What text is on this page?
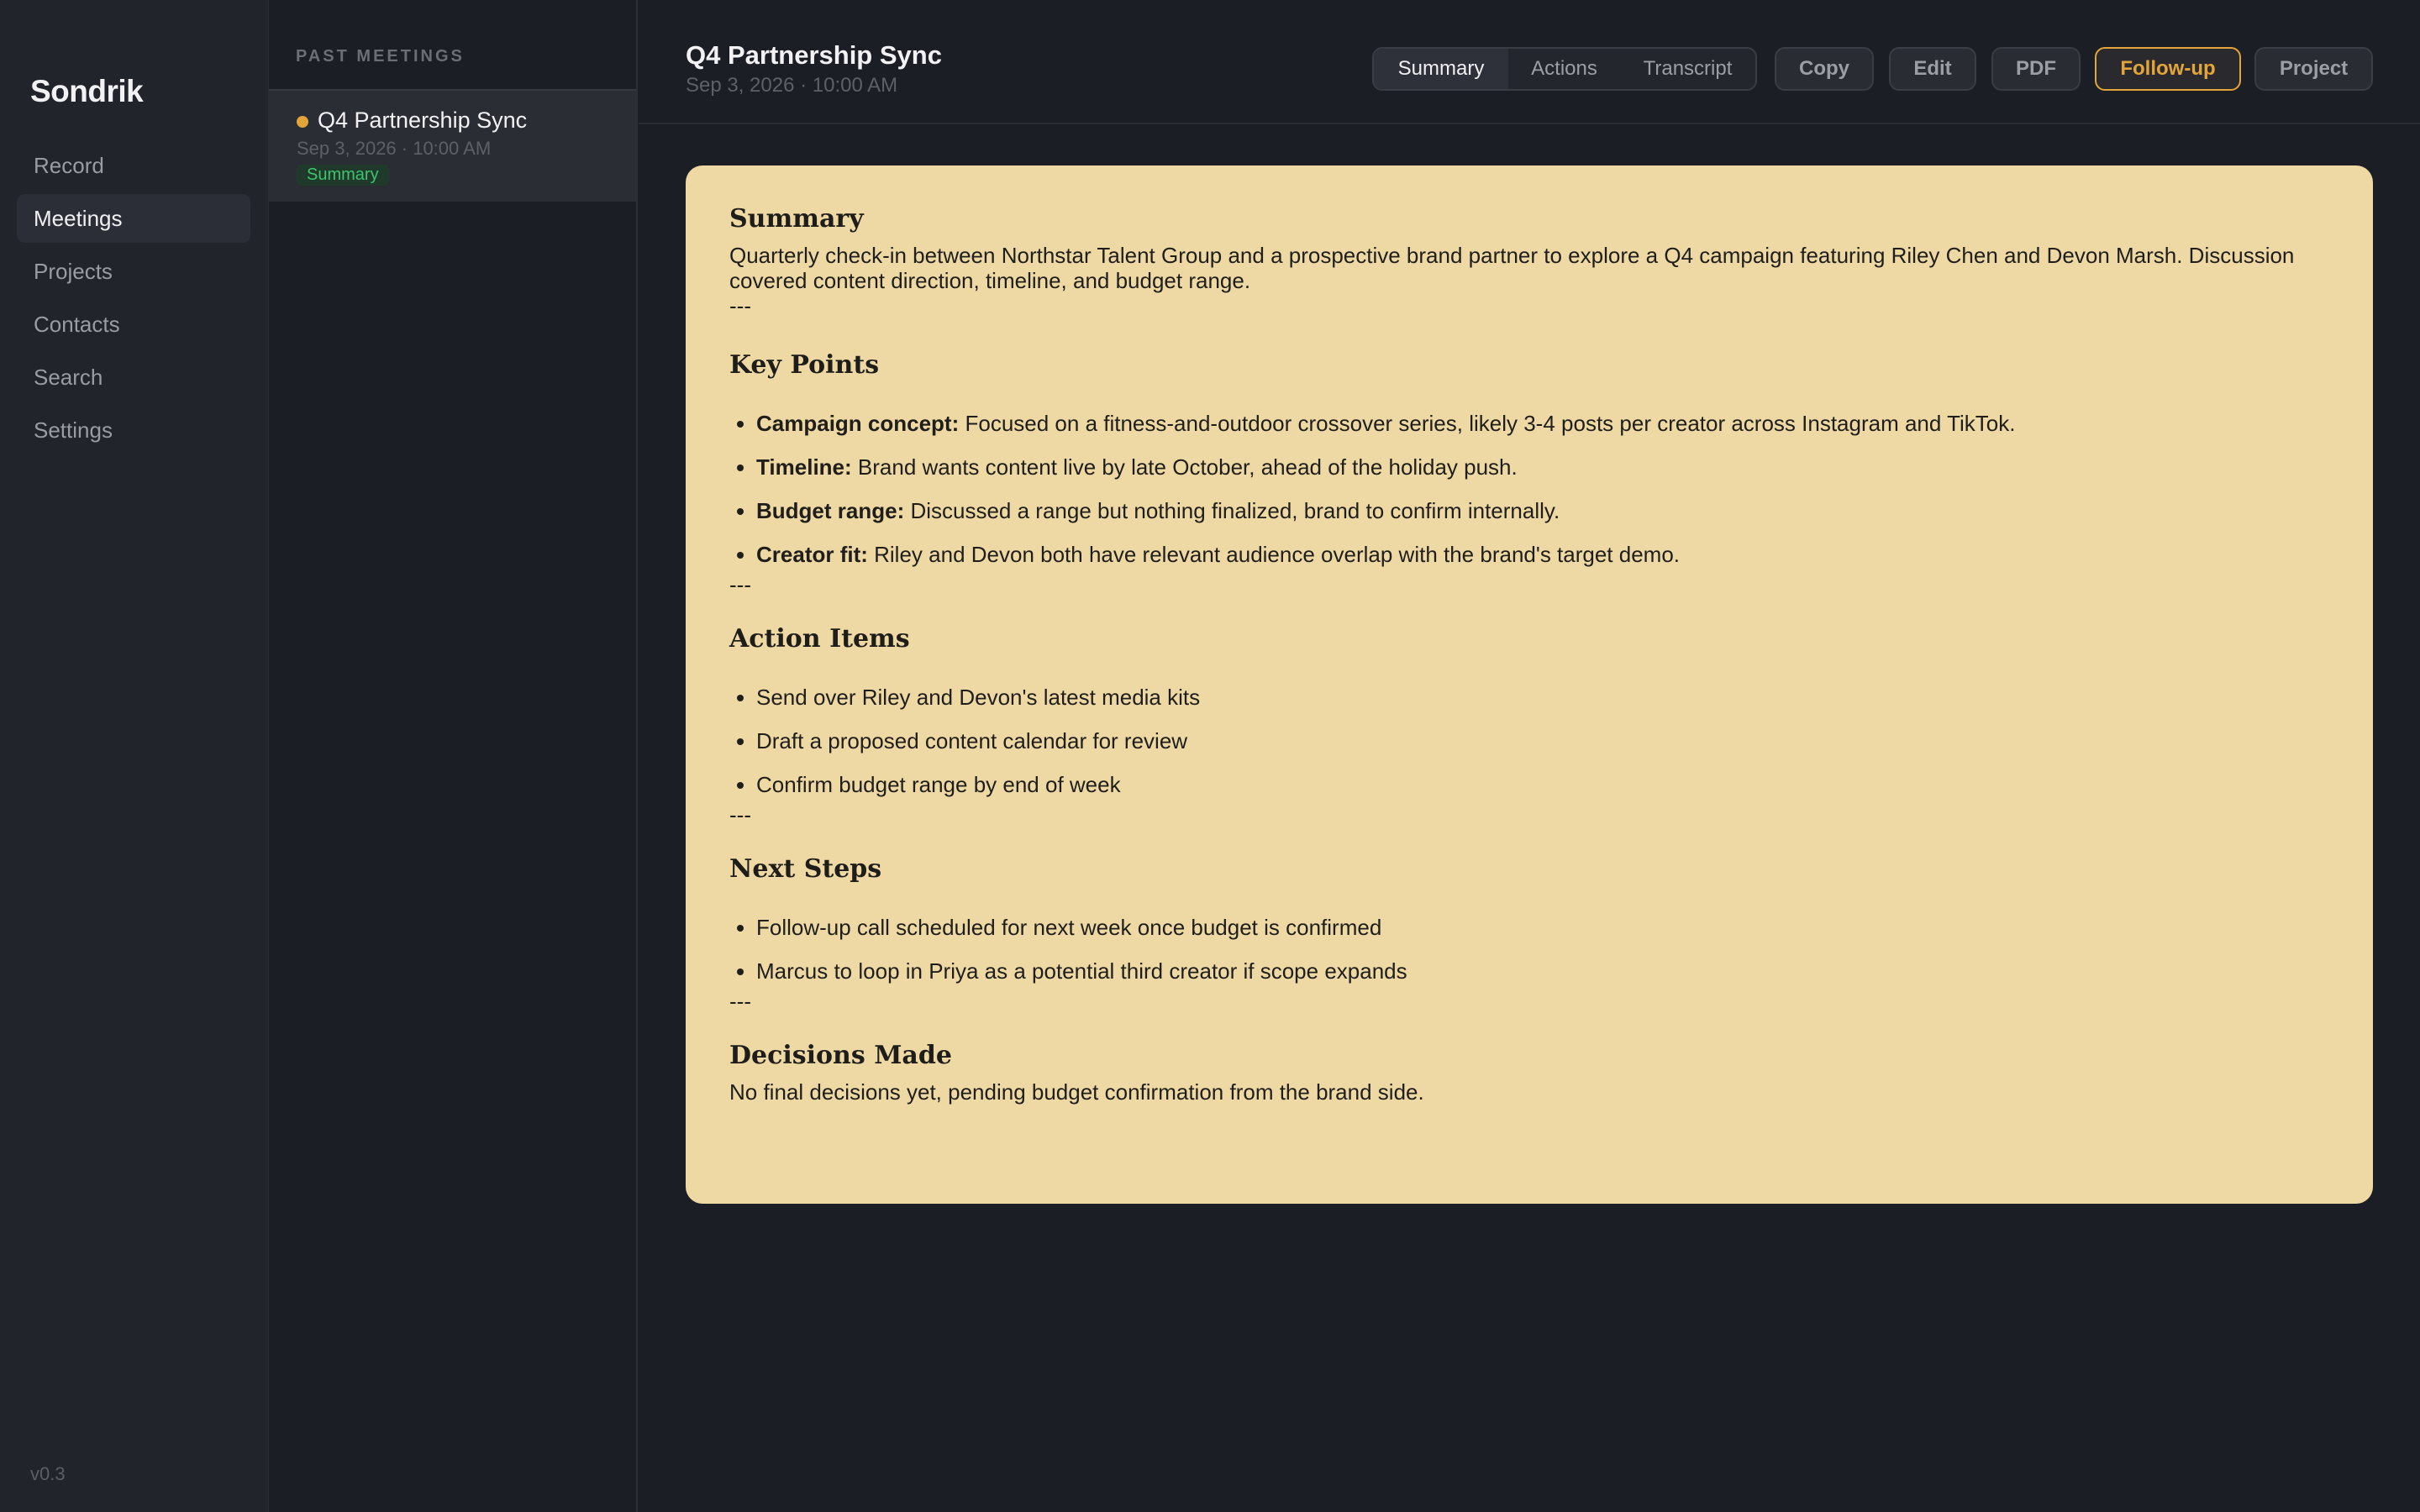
Sondrik
Record
Meetings
Projects
Contacts
Search
Settings
v0.3
PAST MEETINGS
Q4 Partnership Sync
Sep 3, 2026 · 10:00 AM
Summary
Q4 Partnership Sync
Sep 3, 2026 · 10:00 AM
Summary	Actions	Transcript	Copy	Edit	PDF	Follow-up	Project
Summary

Quarterly check-in between Northstar Talent Group and a prospective brand partner to explore a Q4 campaign featuring Riley Chen and Devon Marsh. Discussion covered content direction, timeline, and budget range.

---
Key Points
• Campaign concept: Focused on a fitness-and-outdoor crossover series, likely 3-4 posts per creator across Instagram and TikTok.
• Timeline: Brand wants content live by late October, ahead of the holiday push.
• Budget range: Discussed a range but nothing finalized, brand to confirm internally.
• Creator fit: Riley and Devon both have relevant audience overlap with the brand's target demo.
---
Action Items
• Send over Riley and Devon's latest media kits
• Draft a proposed content calendar for review
• Confirm budget range by end of week
---
Next Steps
• Follow-up call scheduled for next week once budget is confirmed
• Marcus to loop in Priya as a potential third creator if scope expands
---
Decisions Made

No final decisions yet, pending budget confirmation from the brand side.
